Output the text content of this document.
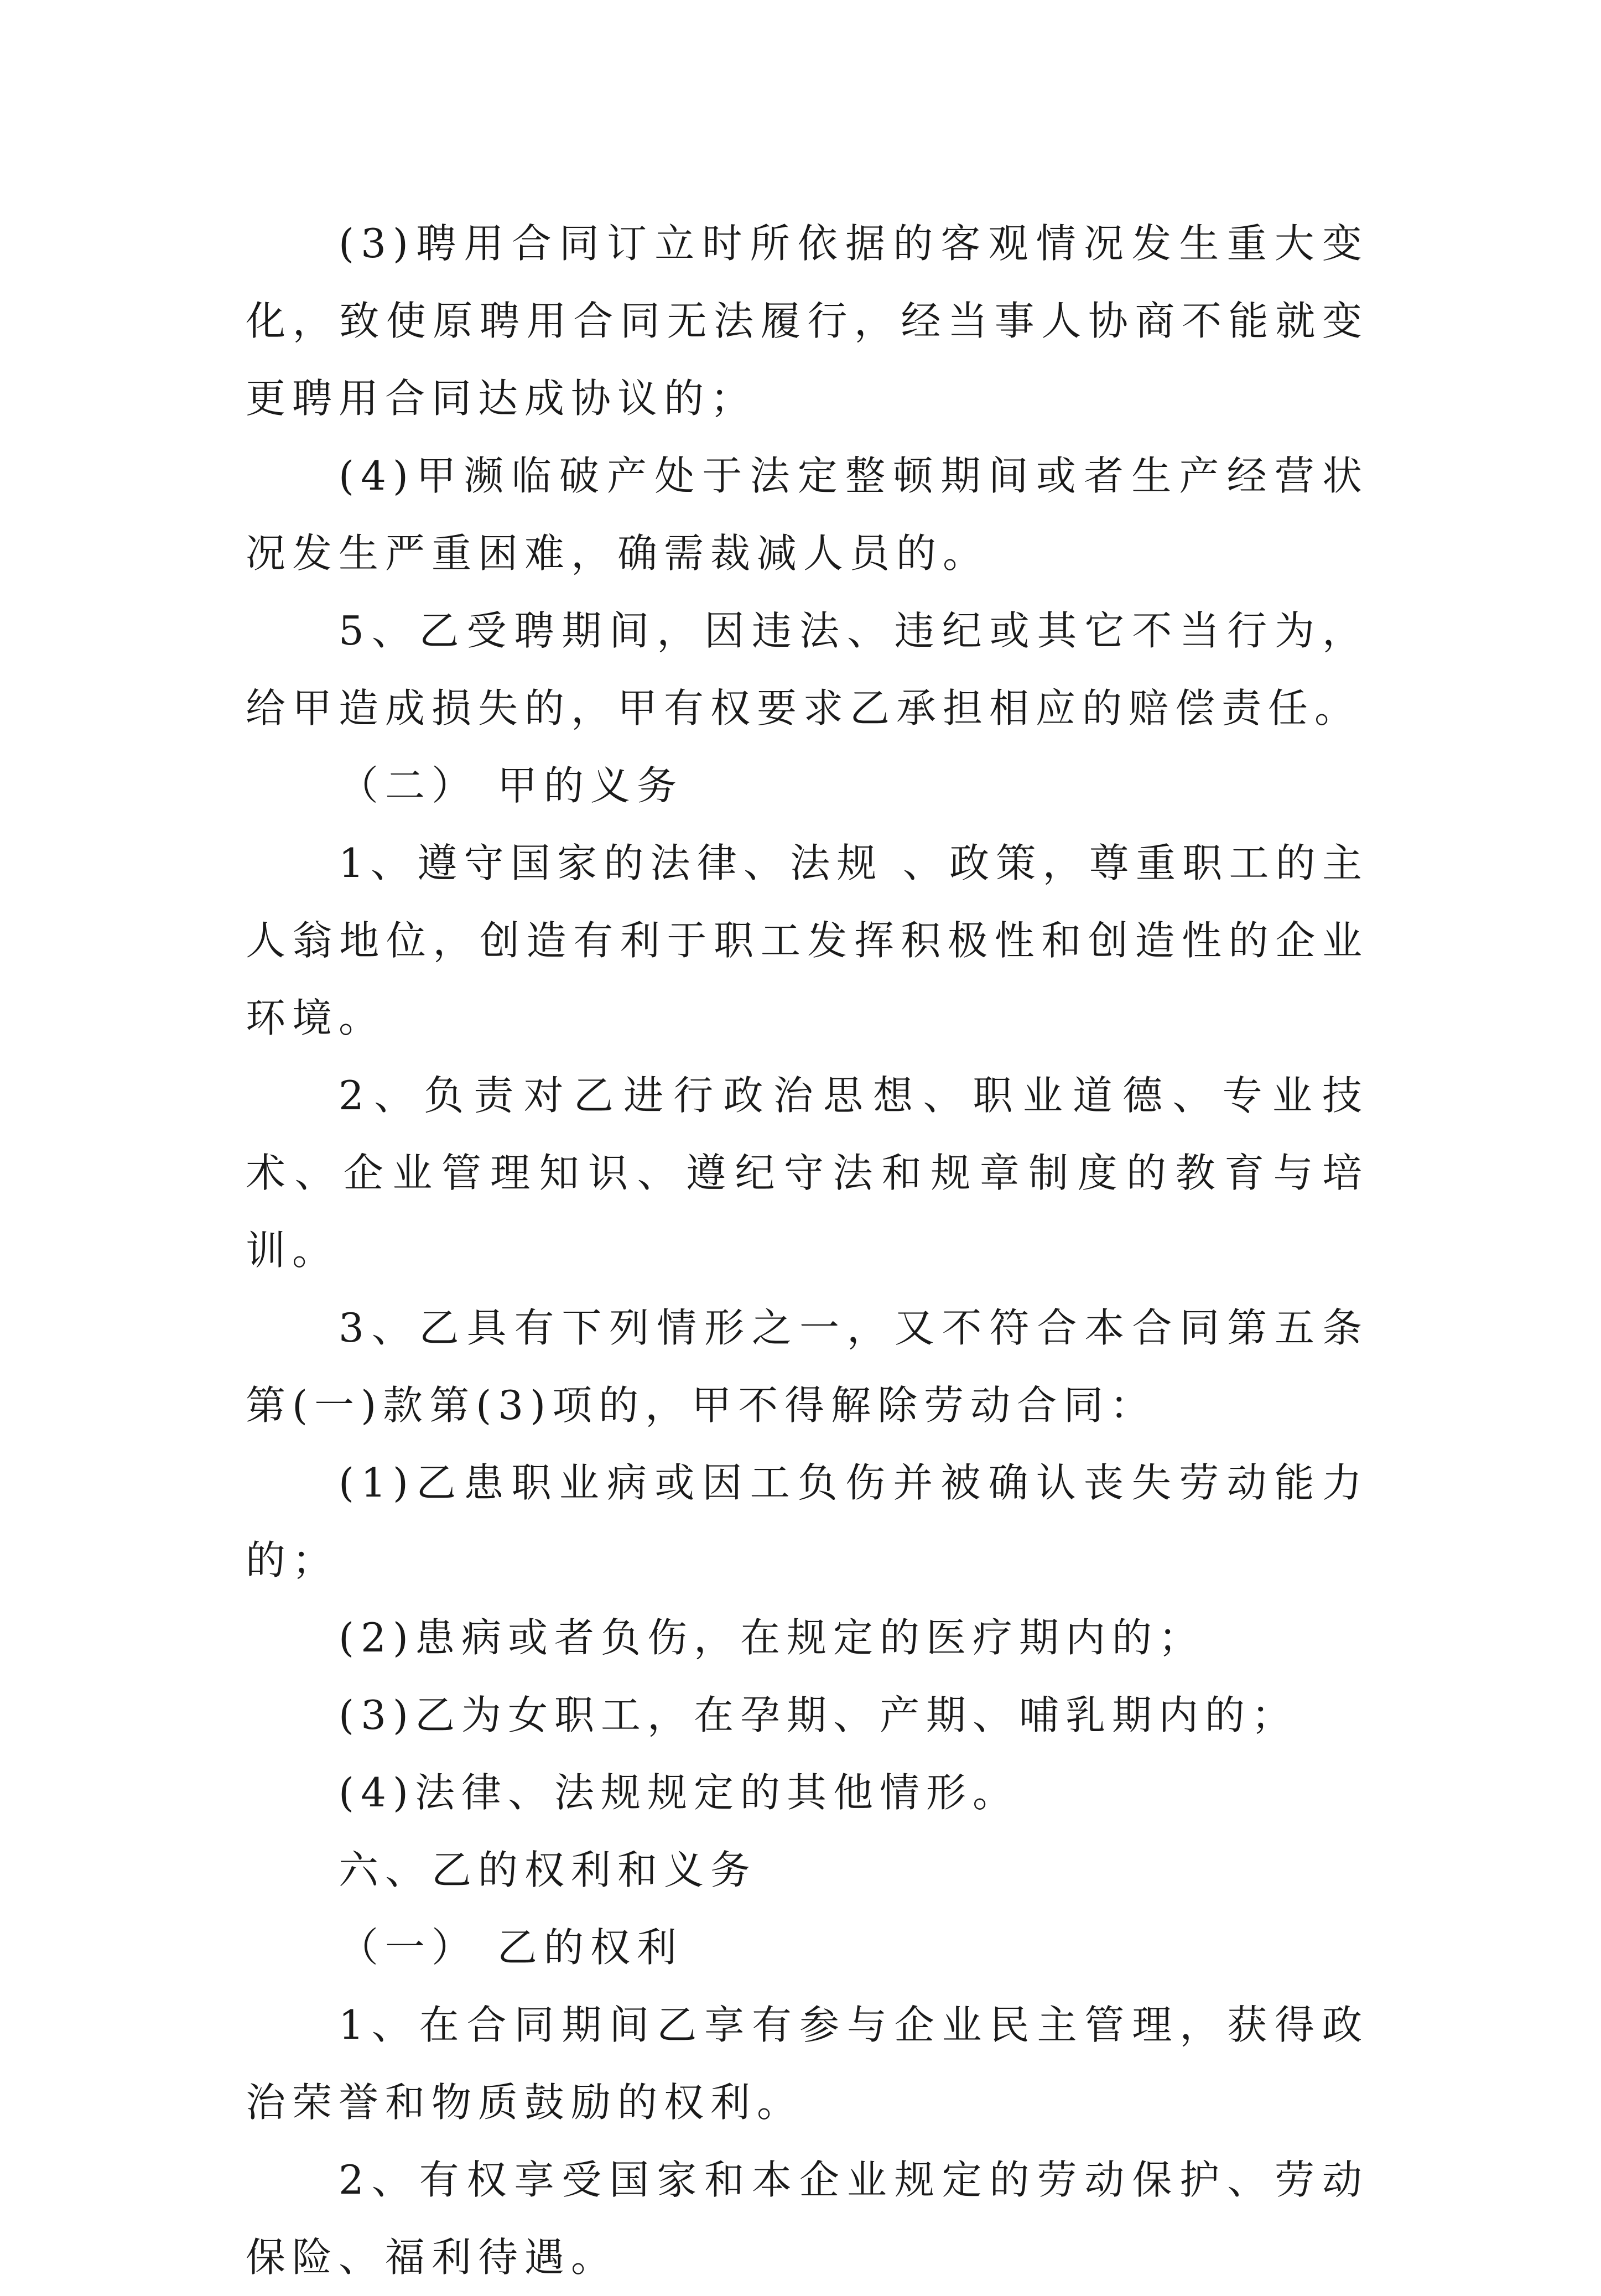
(3)聘用合同订立时所依据的客观情况发生重大变化，致使原聘用合同无法履行，经当事人协商不能就变更聘用合同达成协议的；

(4)甲濒临破产处于法定整顿期间或者生产经营状况发生严重困难，确需裁减人员的。

5、乙受聘期间，因违法、违纪或其它不当行为，给甲造成损失的，甲有权要求乙承担相应的赔偿责任。

（二） 甲的义务

1、遵守国家的法律、法规 、政策，尊重职工的主人翁地位，创造有利于职工发挥积极性和创造性的企业环境。

2、负责对乙进行政治思想、职业道德、专业技术、企业管理知识、遵纪守法和规章制度的教育与培训。

3、乙具有下列情形之一，又不符合本合同第五条第(一)款第(3)项的，甲不得解除劳动合同：

(1)乙患职业病或因工负伤并被确认丧失劳动能力的；

(2)患病或者负伤，在规定的医疗期内的；

(3)乙为女职工，在孕期、产期、哺乳期内的；

(4)法律、法规规定的其他情形。

六、乙的权利和义务

（一） 乙的权利

1、在合同期间乙享有参与企业民主管理，获得政治荣誉和物质鼓励的权利。

2、有权享受国家和本企业规定的劳动保护、劳动保险、福利待遇。
